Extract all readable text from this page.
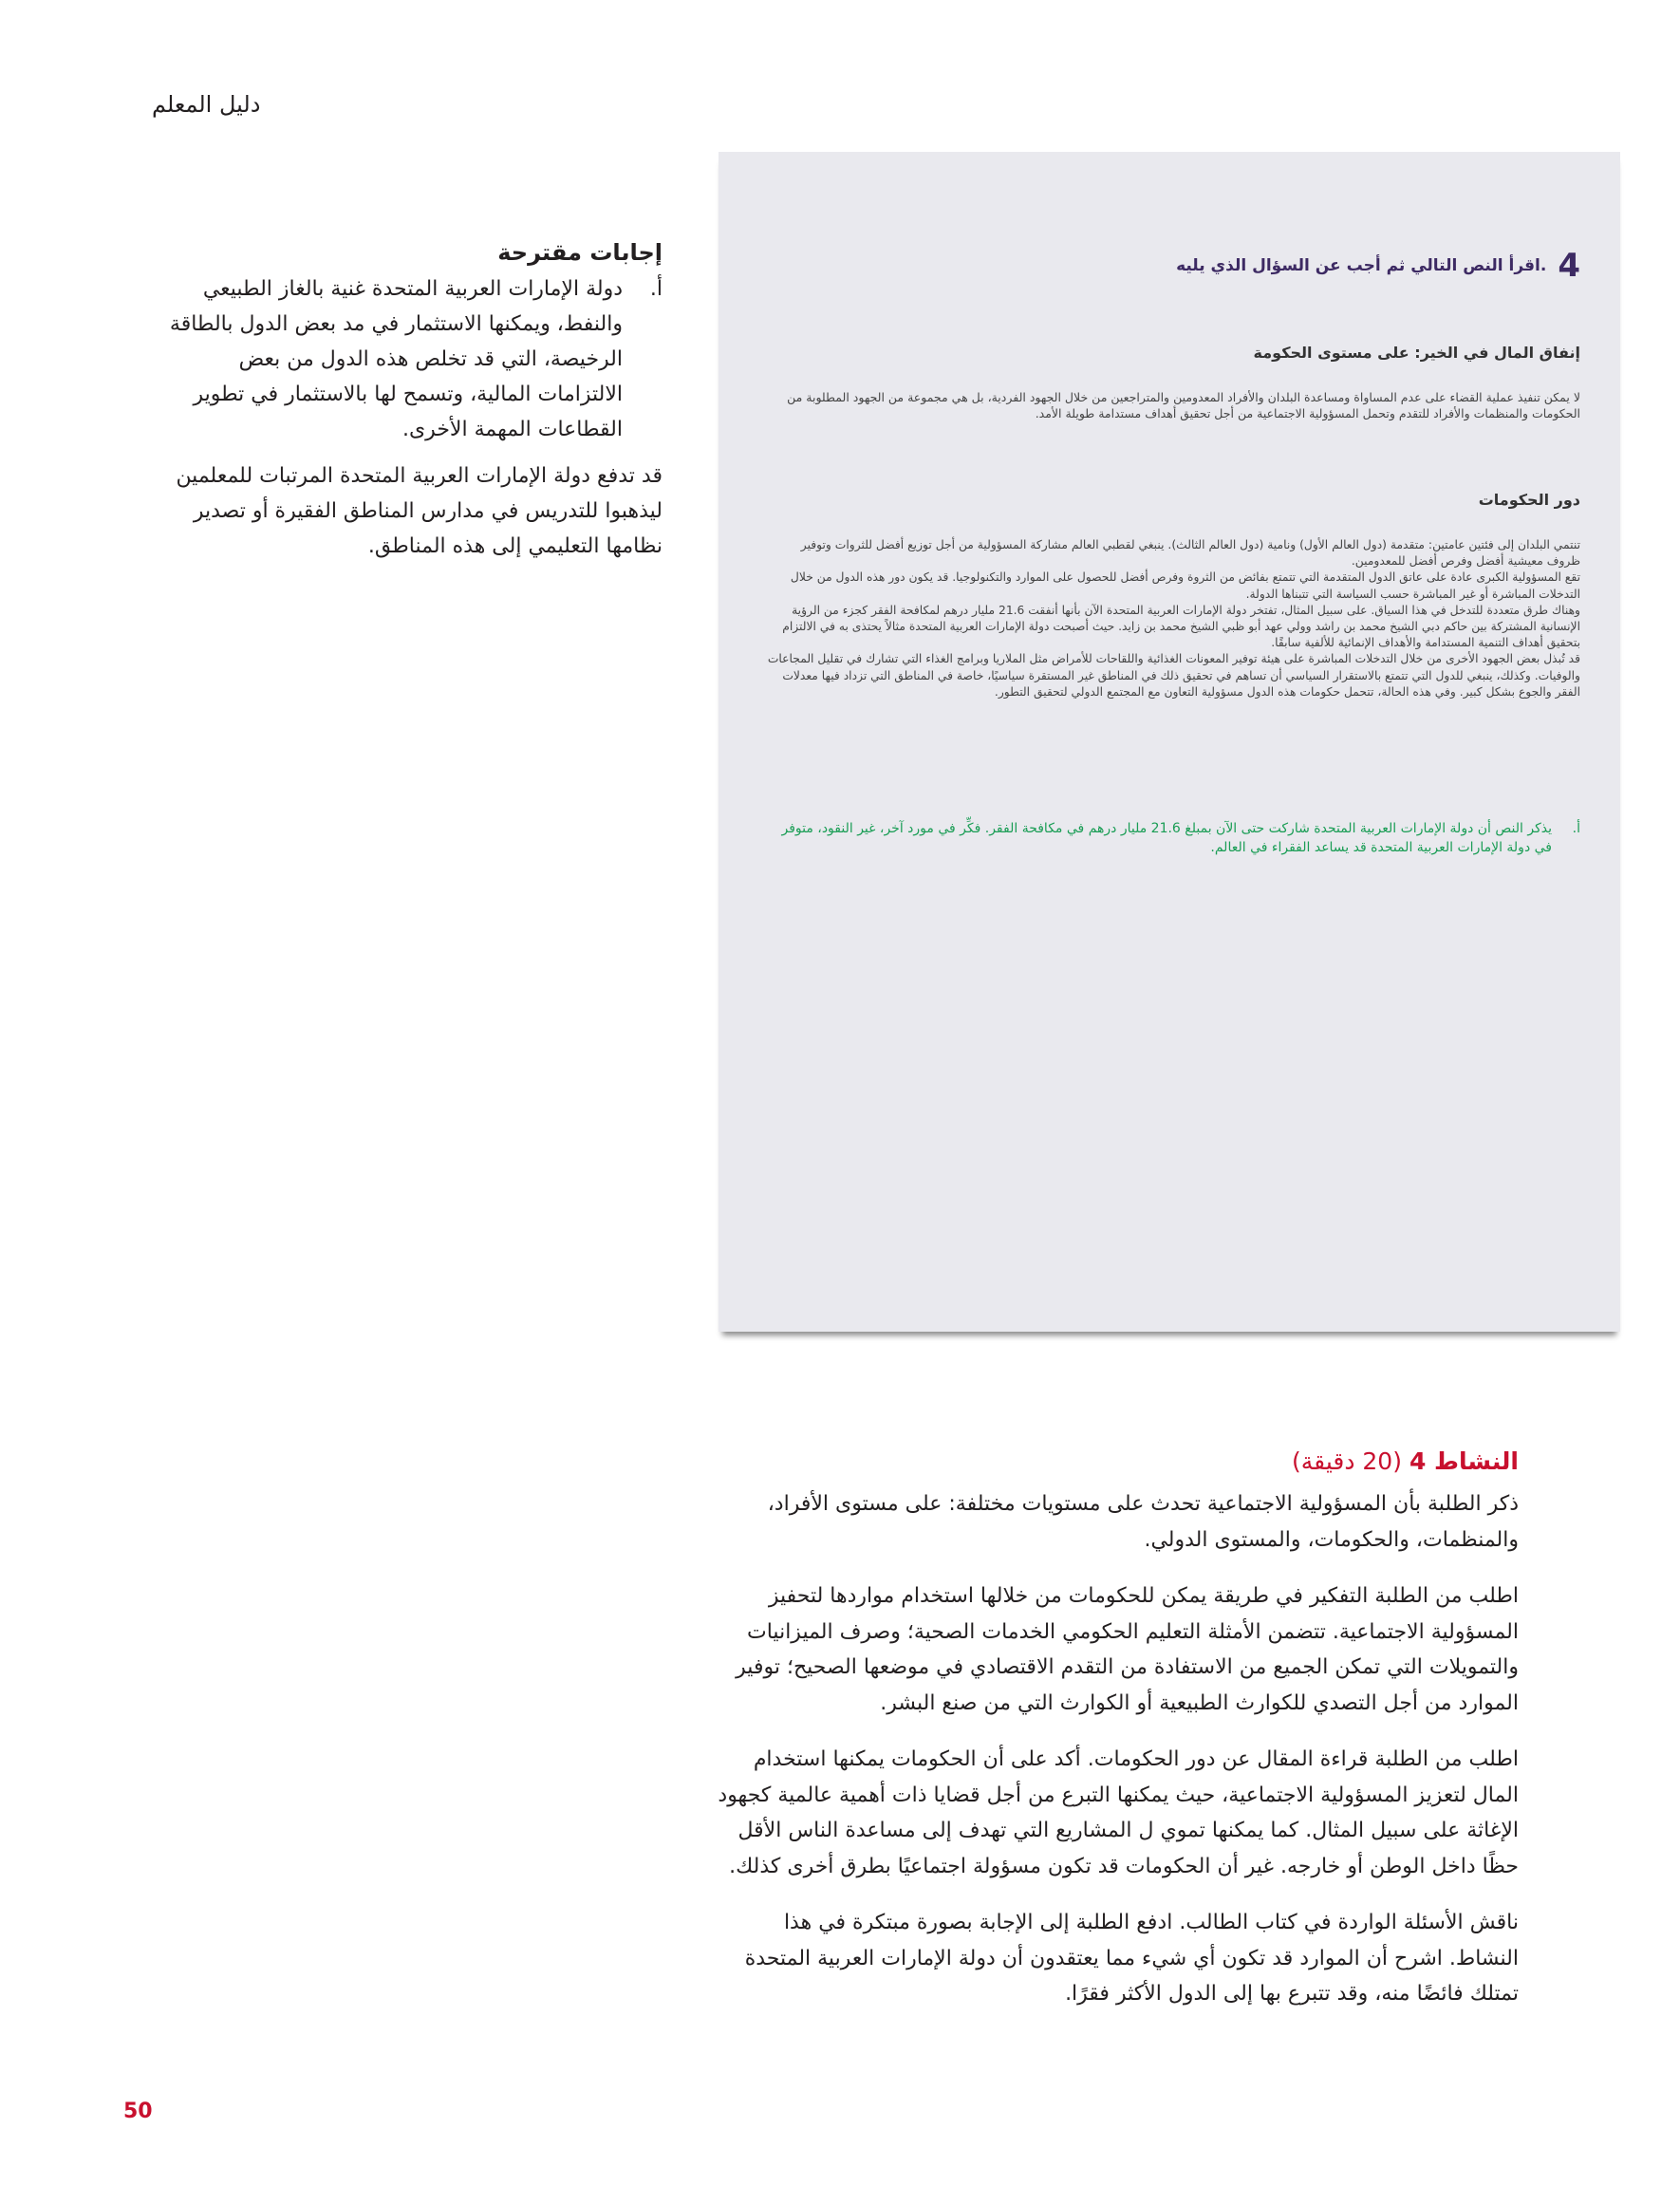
دليل المعلم
4
اقرأ النص التالي ثم أجب عن السؤال الذي يليه.
إنفاق المال في الخير: على مستوى الحكومة
لا يمكن تنفيذ عملية القضاء على عدم المساواة ومساعدة البلدان والأفراد المعدومين والمتراجعين من خلال الجهود الفردية، بل هي مجموعة من الجهود المطلوبة من الحكومات والمنظمات والأفراد للتقدم وتحمل المسؤولية الاجتماعية من أجل تحقيق أهداف مستدامة طويلة الأمد.
دور الحكومات
تنتمي البلدان إلى فئتين عامتين: متقدمة (دول العالم الأول) ونامية (دول العالم الثالث). ينبغي لقطبي العالم مشاركة المسؤولية من أجل توزيع أفضل للثروات وتوفير ظروف معيشية أفضل وفرص أفضل للمعدومين.
تقع المسؤولية الكبرى عادة على عاتق الدول المتقدمة التي تتمتع بفائض من الثروة وفرص أفضل للحصول على الموارد والتكنولوجيا. قد يكون دور هذه الدول من خلال التدخلات المباشرة أو غير المباشرة حسب السياسة التي تتبناها الدولة.
وهناك طرق متعددة للتدخل في هذا السياق. على سبيل المثال، تفتخر دولة الإمارات العربية المتحدة الآن بأنها أنفقت 21.6 مليار درهم لمكافحة الفقر كجزء من الرؤية الإنسانية المشتركة بين حاكم دبي الشيخ محمد بن راشد وولي عهد أبو ظبي الشيخ محمد بن زايد. حيث أصبحت دولة الإمارات العربية المتحدة مثالاً يحتذى به في الالتزام بتحقيق أهداف التنمية المستدامة والأهداف الإنمائية للألفية سابقًا.
قد تُبذل بعض الجهود الأخرى من خلال التدخلات المباشرة على هيئة توفير المعونات الغذائية واللقاحات للأمراض مثل الملاريا وبرامج الغذاء التي تشارك في تقليل المجاعات والوفيات. وكذلك، ينبغي للدول التي تتمتع بالاستقرار السياسي أن تساهم في تحقيق ذلك في المناطق غير المستقرة سياسيًا، خاصة في المناطق التي تزداد فيها معدلات الفقر والجوع بشكل كبير. وفي هذه الحالة، تتحمل حكومات هذه الدول مسؤولية التعاون مع المجتمع الدولي لتحقيق التطور.
أ.
يذكر النص أن دولة الإمارات العربية المتحدة شاركت حتى الآن بمبلغ 21.6 مليار درهم في مكافحة الفقر. فكِّر في مورد آخر، غير النقود، متوفر في دولة الإمارات العربية المتحدة قد يساعد الفقراء في العالم.
إجابات مقترحة
أ.
دولة الإمارات العربية المتحدة غنية بالغاز الطبيعي والنفط، ويمكنها الاستثمار في مد بعض الدول بالطاقة الرخيصة، التي قد تخلص هذه الدول من بعض الالتزامات المالية، وتسمح لها بالاستثمار في تطوير القطاعات المهمة الأخرى.
قد تدفع دولة الإمارات العربية المتحدة المرتبات للمعلمين ليذهبوا للتدريس في مدارس المناطق الفقيرة أو تصدير نظامها التعليمي إلى هذه المناطق.
النشاط 4 (20 دقيقة)

ذكر الطلبة بأن المسؤولية الاجتماعية تحدث على مستويات مختلفة: على مستوى الأفراد، والمنظمات، والحكومات، والمستوى الدولي.

اطلب من الطلبة التفكير في طريقة يمكن للحكومات من خلالها استخدام مواردها لتحفيز المسؤولية الاجتماعية. تتضمن الأمثلة التعليم الحكومي الخدمات الصحية؛ وصرف الميزانيات والتمويلات التي تمكن الجميع من الاستفادة من التقدم الاقتصادي في موضعها الصحيح؛ توفير الموارد من أجل التصدي للكوارث الطبيعية أو الكوارث التي من صنع البشر.

اطلب من الطلبة قراءة المقال عن دور الحكومات. أكد على أن الحكومات يمكنها استخدام المال لتعزيز المسؤولية الاجتماعية، حيث يمكنها التبرع من أجل قضايا ذات أهمية عالمية كجهود الإغاثة على سبيل المثال. كما يمكنها تموي ل المشاريع التي تهدف إلى مساعدة الناس الأقل حظًا داخل الوطن أو خارجه. غير أن الحكومات قد تكون مسؤولة اجتماعيًا بطرق أخرى كذلك.

ناقش الأسئلة الواردة في كتاب الطالب. ادفع الطلبة إلى الإجابة بصورة مبتكرة في هذا النشاط. اشرح أن الموارد قد تكون أي شيء مما يعتقدون أن دولة الإمارات العربية المتحدة تمتلك فائضًا منه، وقد تتبرع بها إلى الدول الأكثر فقرًا.

50
